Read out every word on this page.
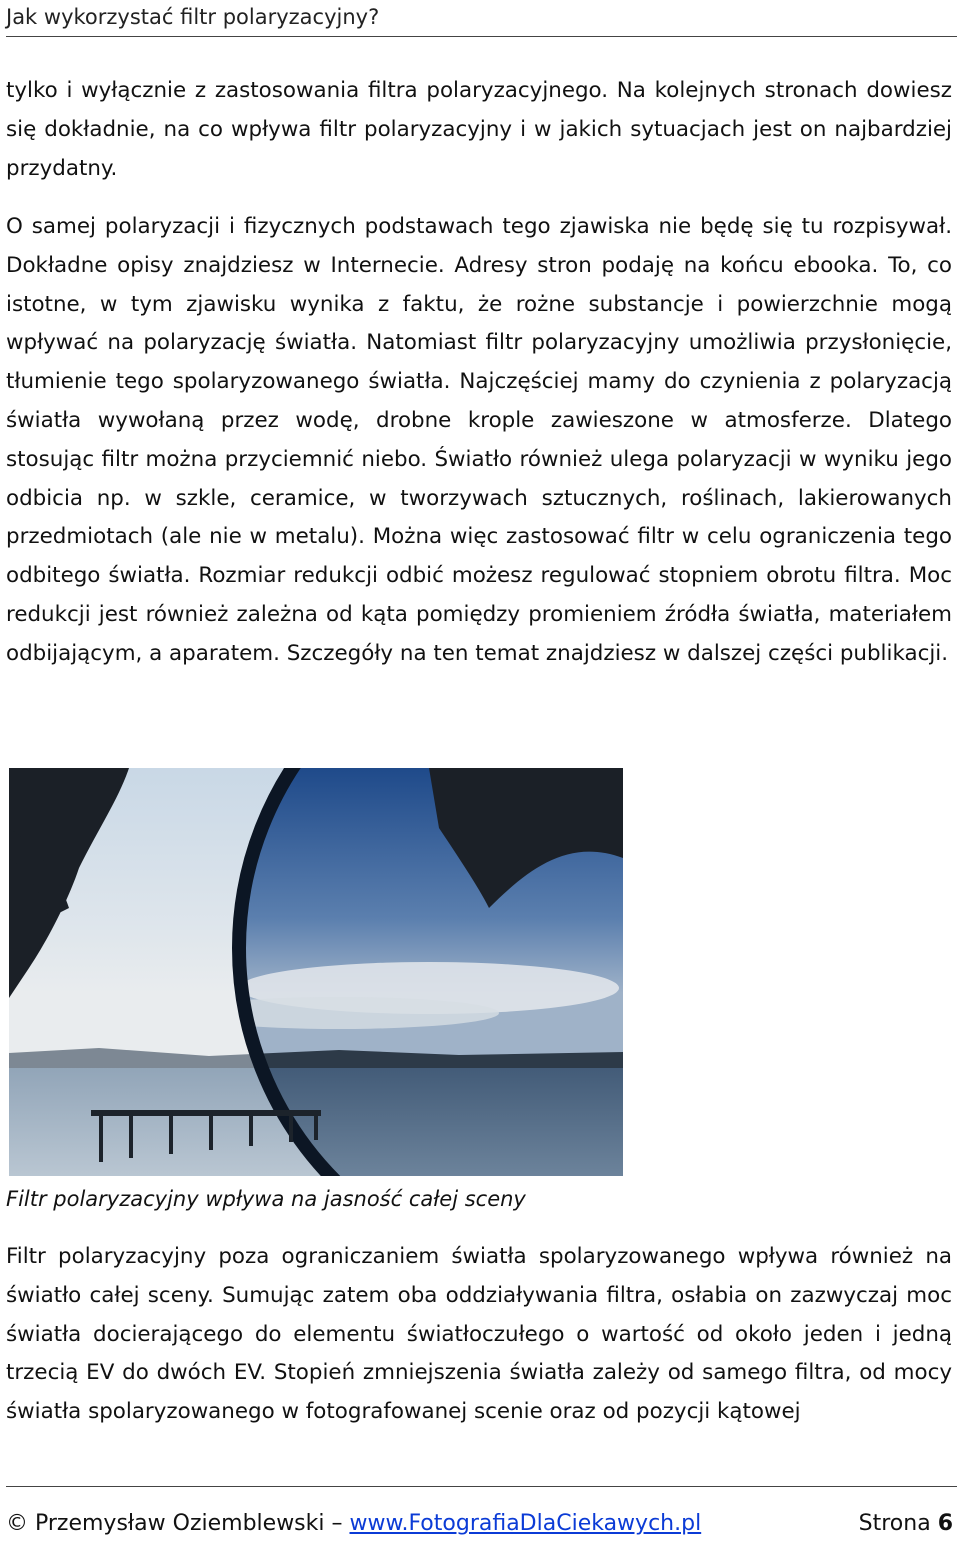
Jak wykorzystać filtr polaryzacyjny?

tylko i wyłącznie z zastosowania filtra polaryzacyjnego. Na kolejnych stronach dowiesz się dokładnie, na co wpływa filtr polaryzacyjny i w jakich sytuacjach jest on najbardziej przydatny.

O samej polaryzacji i fizycznych podstawach tego zjawiska nie będę się tu rozpisywał. Dokładne opisy znajdziesz w Internecie. Adresy stron podaję na końcu ebooka. To, co istotne, w tym zjawisku wynika z faktu, że rożne substancje i powierzchnie mogą wpływać na polaryzację światła. Natomiast filtr polaryzacyjny umożliwia przysłonięcie, tłumienie tego spolaryzowanego światła. Najczęściej mamy do czynienia z polaryzacją światła wywołaną przez wodę, drobne krople zawieszone w atmosferze. Dlatego stosując filtr można przyciemnić niebo. Światło również ulega polaryzacji w wyniku jego odbicia np. w szkle, ceramice, w tworzywach sztucznych, roślinach, lakierowanych przedmiotach (ale nie w metalu). Można więc zastosować filtr w celu ograniczenia tego odbitego światła. Rozmiar redukcji odbić możesz regulować stopniem obrotu filtra. Moc redukcji jest również zależna od kąta pomiędzy promieniem źródła światła, materiałem odbijającym, a aparatem. Szczegóły na ten temat znajdziesz w dalszej części publikacji.

Filtr polaryzacyjny wpływa na jasność całej sceny

Filtr polaryzacyjny poza ograniczaniem światła spolaryzowanego wpływa również na światło całej sceny. Sumując zatem oba oddziaływania filtra, osłabia on zazwyczaj moc światła docierającego do elementu światłoczułego o wartość od około jeden i jedną trzecią EV do dwóch EV. Stopień zmniejszenia światła zależy od samego filtra, od mocy światła spolaryzowanego w fotografowanej scenie oraz od pozycji kątowej

© Przemysław Oziemblewski – www.FotografiaDlaCiekawych.pl	Strona 6
